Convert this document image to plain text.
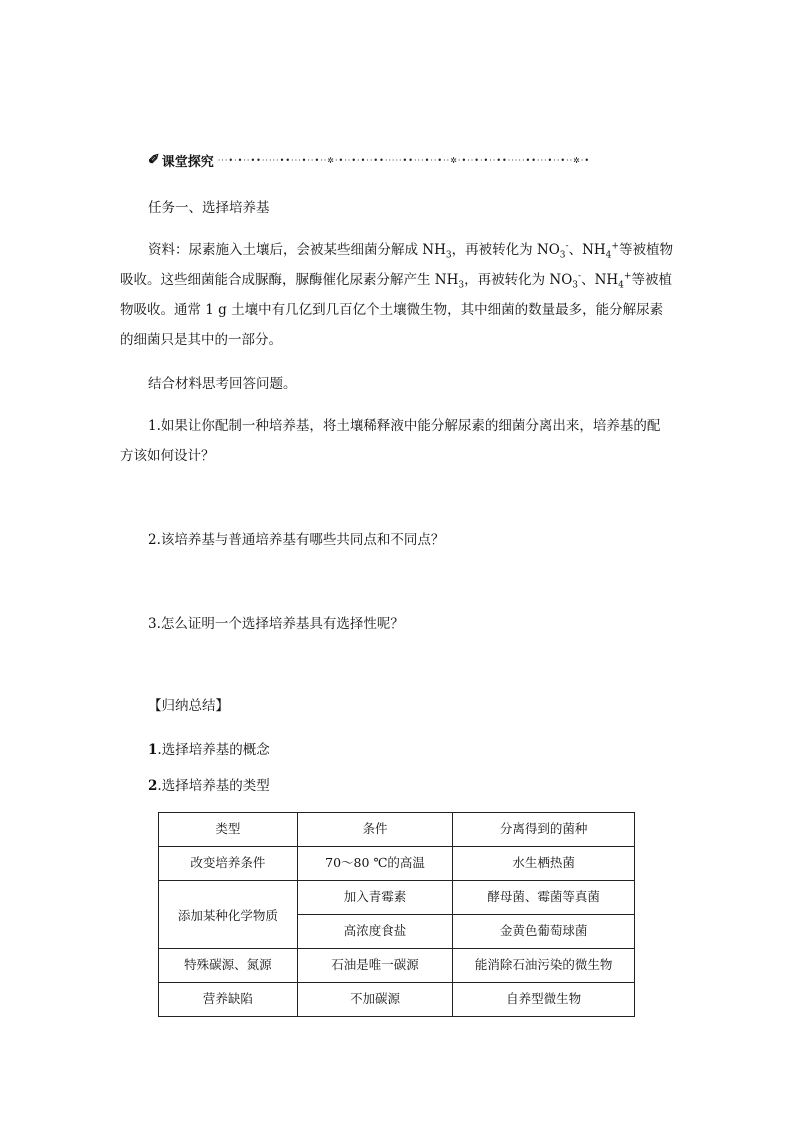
✐ 课堂探究 ···•·•··••·····••···•··•··✲·•··•·•··••·····••···•··•··✲·•··•·•··••·····••···•··•··✲·•
任务一、选择培养基
资料：尿素施入土壤后，会被某些细菌分解成 $NH_3$，再被转化为 $NO_3^-$、$NH_4^+$等被植物
吸收。这些细菌能合成脲酶，脲酶催化尿素分解产生 $NH_3$，再被转化为 $NO_3^-$、$NH_4^+$等被植
物吸收。通常 1 g 土壤中有几亿到几百亿个土壤微生物，其中细菌的数量最多，能分解尿素
的细菌只是其中的一部分。
结合材料思考回答问题。
1.如果让你配制一种培养基，将土壤稀释液中能分解尿素的细菌分离出来，培养基的配
方该如何设计？
2.该培养基与普通培养基有哪些共同点和不同点？
3.怎么证明一个选择培养基具有选择性呢？
【归纳总结】
1.选择培养基的概念
2.选择培养基的类型
类型	条件	分离得到的菌种
改变培养条件	70～80 ℃的高温	水生栖热菌
添加某种化学物质	加入青霉素	酵母菌、霉菌等真菌
	高浓度食盐	金黄色葡萄球菌
特殊碳源、氮源	石油是唯一碳源	能消除石油污染的微生物
营养缺陷	不加碳源	自养型微生物
